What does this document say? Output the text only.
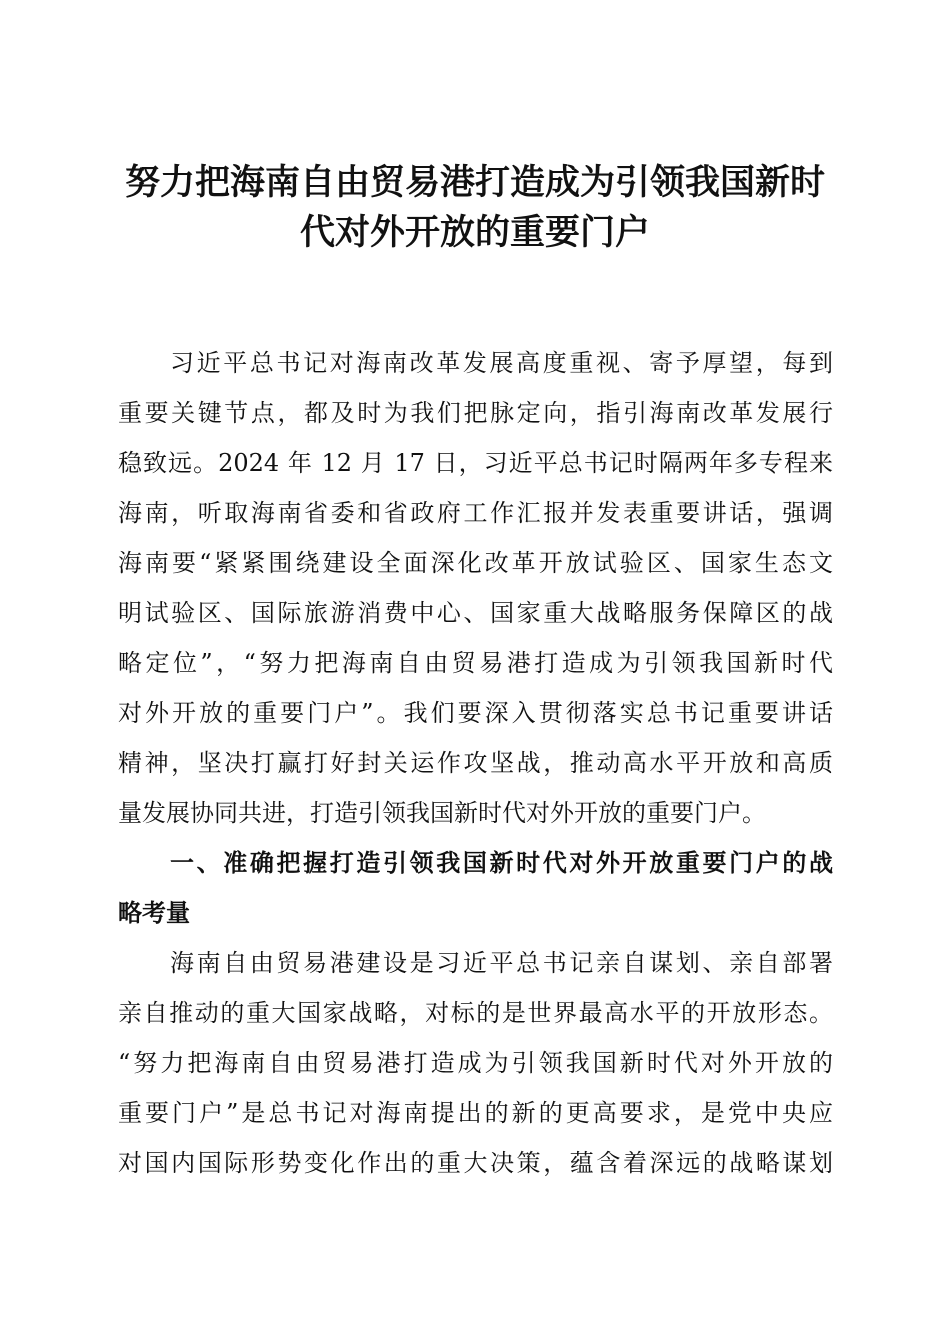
努力把海南自由贸易港打造成为引领我国新时
代对外开放的重要门户
习近平总书记对海南改革发展高度重视、寄予厚望，每到
重要关键节点，都及时为我们把脉定向，指引海南改革发展行
稳致远。2024 年 12 月 17 日，习近平总书记时隔两年多专程来
海南，听取海南省委和省政府工作汇报并发表重要讲话，强调
海南要“紧紧围绕建设全面深化改革开放试验区、国家生态文
明试验区、国际旅游消费中心、国家重大战略服务保障区的战
略定位”，“努力把海南自由贸易港打造成为引领我国新时代
对外开放的重要门户”。我们要深入贯彻落实总书记重要讲话
精神，坚决打赢打好封关运作攻坚战，推动高水平开放和高质
量发展协同共进，打造引领我国新时代对外开放的重要门户。
一、准确把握打造引领我国新时代对外开放重要门户的战
略考量
海南自由贸易港建设是习近平总书记亲自谋划、亲自部署
亲自推动的重大国家战略，对标的是世界最高水平的开放形态。
“努力把海南自由贸易港打造成为引领我国新时代对外开放的
重要门户”是总书记对海南提出的新的更高要求，是党中央应
对国内国际形势变化作出的重大决策，蕴含着深远的战略谋划
